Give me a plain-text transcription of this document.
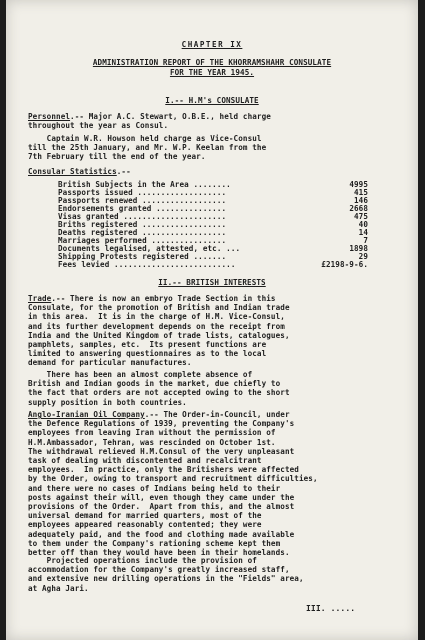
CHAPTER IX
ADMINISTRATION REPORT OF THE KHORRAMSHAHR CONSULATE
FOR THE YEAR 1945.
I.-- H.M's CONSULATE
Personnel.-- Major A.C. Stewart, O.B.E., held charge
throughout the year as Consul.
Captain W.R. Howson held charge as Vice-Consul
till the 25th January, and Mr. W.P. Keelan from the
7th February till the end of the year.
Consular Statistics.--
British Subjects in the Area ........	4995
Passports issued ...................	415
Passports renewed ..................	146
Endorsements granted ...............	2668
Visas granted ......................	475
Briths registered ..................	40
Deaths registered ..................	14
Marriages performed ................	7
Documents legalised, attested, etc. ...	1898
Shipping Protests registered .......	29
Fees levied ..........................	£2198-9-6.
II.-- BRITISH INTERESTS
Trade.-- There is now an embryo Trade Section in this
Consulate, for the promotion of British and Indian trade
in this area.  It is in the charge of H.M. Vice-Consul,
and its further development depends on the receipt from
India and the United Kingdom of trade lists, catalogues,
pamphlets, samples, etc.  Its present functions are
limited to answering questionnaires as to the local
demand for particular manufactures.
There has been an almost complete absence of
British and Indian goods in the market, due chiefly to
the fact that orders are not accepted owing to the short
supply position in both countries.
Anglo-Iranian Oil Company.-- The Order-in-Council, under
the Defence Regulations of 1939, preventing the Company's
employees from leaving Iran without the permission of
H.M.Ambassador, Tehran, was rescinded on October 1st.
The withdrawal relieved H.M.Consul of the very unpleasant
task of dealing with discontented and recalcitrant
employees.  In practice, only the Britishers were affected
by the Order, owing to transport and recruitment difficulties,
and there were no cases of Indians being held to their
posts against their will, even though they came under the
provisions of the Order.  Apart from this, and the almost
universal demand for married quarters, most of the
employees appeared reasonably contented; they were
adequately paid, and the food and clothing made available
to them under the Company's rationing scheme kept them
better off than they would have been in their homelands.
Projected operations include the provision of
accommodation for the Company's greatly increased staff,
and extensive new drilling operations in the "Fields" area,
at Agha Jari.
III. .....
